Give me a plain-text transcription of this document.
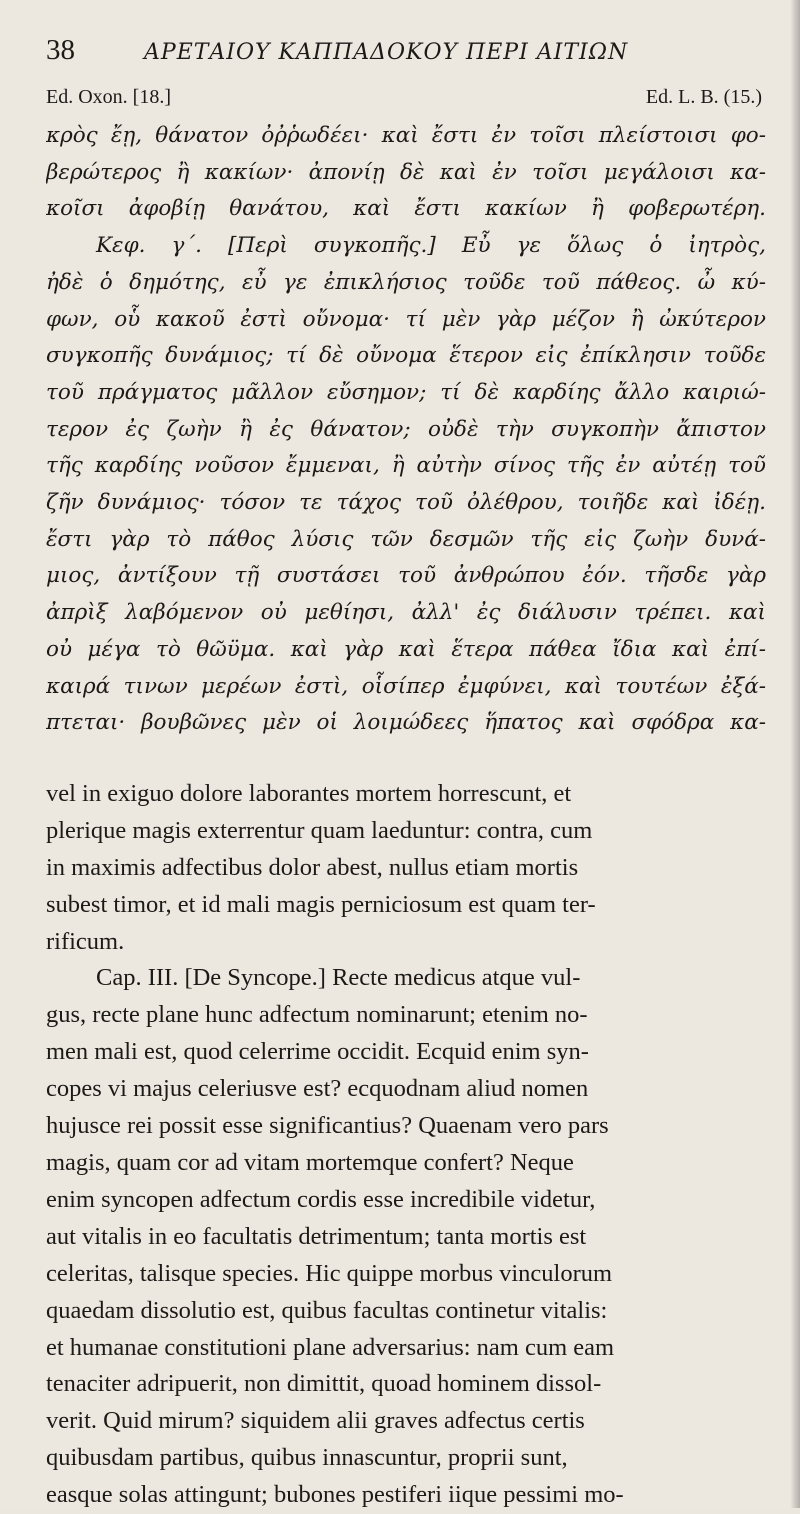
38	ΑΡΕΤΑΙΟΥ ΚΑΠΠΑΔΟΚΟΥ ΠΕΡΙ ΑΙΤΙΩΝ
Ed. Oxon. [18.]	Ed. L. B. (15.)
κρὸς ἔῃ, θάνατον ὀῤῥωδέει· καὶ ἔστι ἐν τοῖσι πλείστοισι φο-
βερώτερος ἢ κακίων· ἀπονίῃ δὲ καὶ ἐν τοῖσι μεγάλοισι κα-
κοῖσι ἀφοβίῃ θανάτου, καὶ ἔστι κακίων ἢ φοβερωτέρη.
Κεφ. γ΄. [Περὶ συγκοπῆς.] Εὖ γε ὅλως ὁ ἰητρὸς,
ἠδὲ ὁ δημότης, εὖ γε ἐπικλήσιος τοῦδε τοῦ πάθεος. ὦ κύ-
φων, οὗ κακοῦ ἐστὶ οὔνομα· τί μὲν γὰρ μέζον ἢ ὠκύτερον
συγκοπῆς δυνάμιος; τί δὲ οὔνομα ἕτερον εἰς ἐπίκλησιν τοῦδε
τοῦ πράγματος μᾶλλον εὔσημον; τί δὲ καρδίης ἄλλο καιριώ-
τερον ἐς ζωὴν ἢ ἐς θάνατον; οὐδὲ τὴν συγκοπὴν ἄπιστον
τῆς καρδίης νοῦσον ἔμμεναι, ἢ αὐτὴν σίνος τῆς ἐν αὐτέῃ τοῦ
ζῆν δυνάμιος· τόσον τε τάχος τοῦ ὀλέθρου, τοιῆδε καὶ ἰδέῃ.
ἔστι γὰρ τὸ πάθος λύσις τῶν δεσμῶν τῆς εἰς ζωὴν δυνά-
μιος, ἀντίξουν τῇ συστάσει τοῦ ἀνθρώπου ἐόν. τῆσδε γὰρ
ἀπρὶξ λαβόμενον οὐ μεθίησι, ἀλλ' ἐς διάλυσιν τρέπει. καὶ
οὐ μέγα τὸ θῶϋμα. καὶ γὰρ καὶ ἕτερα πάθεα ἴδια καὶ ἐπί-
καιρά τινων μερέων ἐστὶ, οἷσίπερ ἐμφύνει, καὶ τουτέων ἐξά-
πτεται· βουβῶνες μὲν οἱ λοιμώδεες ἥπατος καὶ σφόδρα κα-
vel in exiguo dolore laborantes mortem horrescunt, et
plerique magis exterrentur quam laeduntur: contra, cum
in maximis adfectibus dolor abest, nullus etiam mortis
subest timor, et id mali magis perniciosum est quam ter-
rificum.
Cap. III. [De Syncope.] Recte medicus atque vul-
gus, recte plane hunc adfectum nominarunt; etenim no-
men mali est, quod celerrime occidit. Ecquid enim syn-
copes vi majus celeriusve est? ecquodnam aliud nomen
hujusce rei possit esse significantius? Quaenam vero pars
magis, quam cor ad vitam mortemque confert? Neque
enim syncopen adfectum cordis esse incredibile videtur,
aut vitalis in eo facultatis detrimentum; tanta mortis est
celeritas, talisque species. Hic quippe morbus vinculorum
quaedam dissolutio est, quibus facultas continetur vitalis:
et humanae constitutioni plane adversarius: nam cum eam
tenaciter adripuerit, non dimittit, quoad hominem dissol-
verit. Quid mirum? siquidem alii graves adfectus certis
quibusdam partibus, quibus innascuntur, proprii sunt,
easque solas attingunt; bubones pestiferi iique pessimi mo-
